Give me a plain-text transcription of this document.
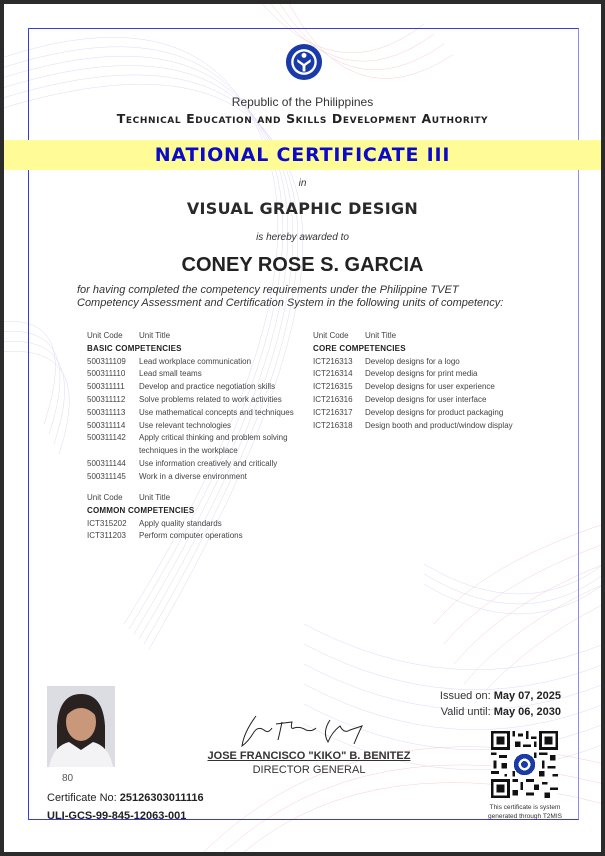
Republic of the Philippines
Technical Education and Skills Development Authority
NATIONAL CERTIFICATE III
in
VISUAL GRAPHIC DESIGN
is hereby awarded to
CONEY ROSE S. GARCIA
for having completed the competency requirements under the Philippine TVET
Competency Assessment and Certification System in the following units of competency:
Unit Code	Unit Title
BASIC COMPETENCIES
500311109	Lead workplace communication
500311110	Lead small teams
500311111	Develop and practice negotiation skills
500311112	Solve problems related to work activities
500311113	Use mathematical concepts and techniques
500311114	Use relevant technologies
500311142	Apply critical thinking and problem solving techniques in the workplace
500311144	Use information creatively and critically
500311145	Work in a diverse environment
Unit Code	Unit Title
CORE COMPETENCIES
ICT216313	Develop designs for a logo
ICT216314	Develop designs for print media
ICT216315	Develop designs for user experience
ICT216316	Develop designs for user interface
ICT216317	Develop designs for product packaging
ICT216318	Design booth and product/window display
Unit Code	Unit Title
COMMON COMPETENCIES
ICT315202	Apply quality standards
ICT311203	Perform computer operations
80
Certificate No: 25126303011116
ULI-GCS-99-845-12063-001
JOSE FRANCISCO "KIKO" B. BENITEZ
DIRECTOR GENERAL
Issued on: May 07, 2025
Valid until: May 06, 2030
This certificate is system
generated through T2MIS
